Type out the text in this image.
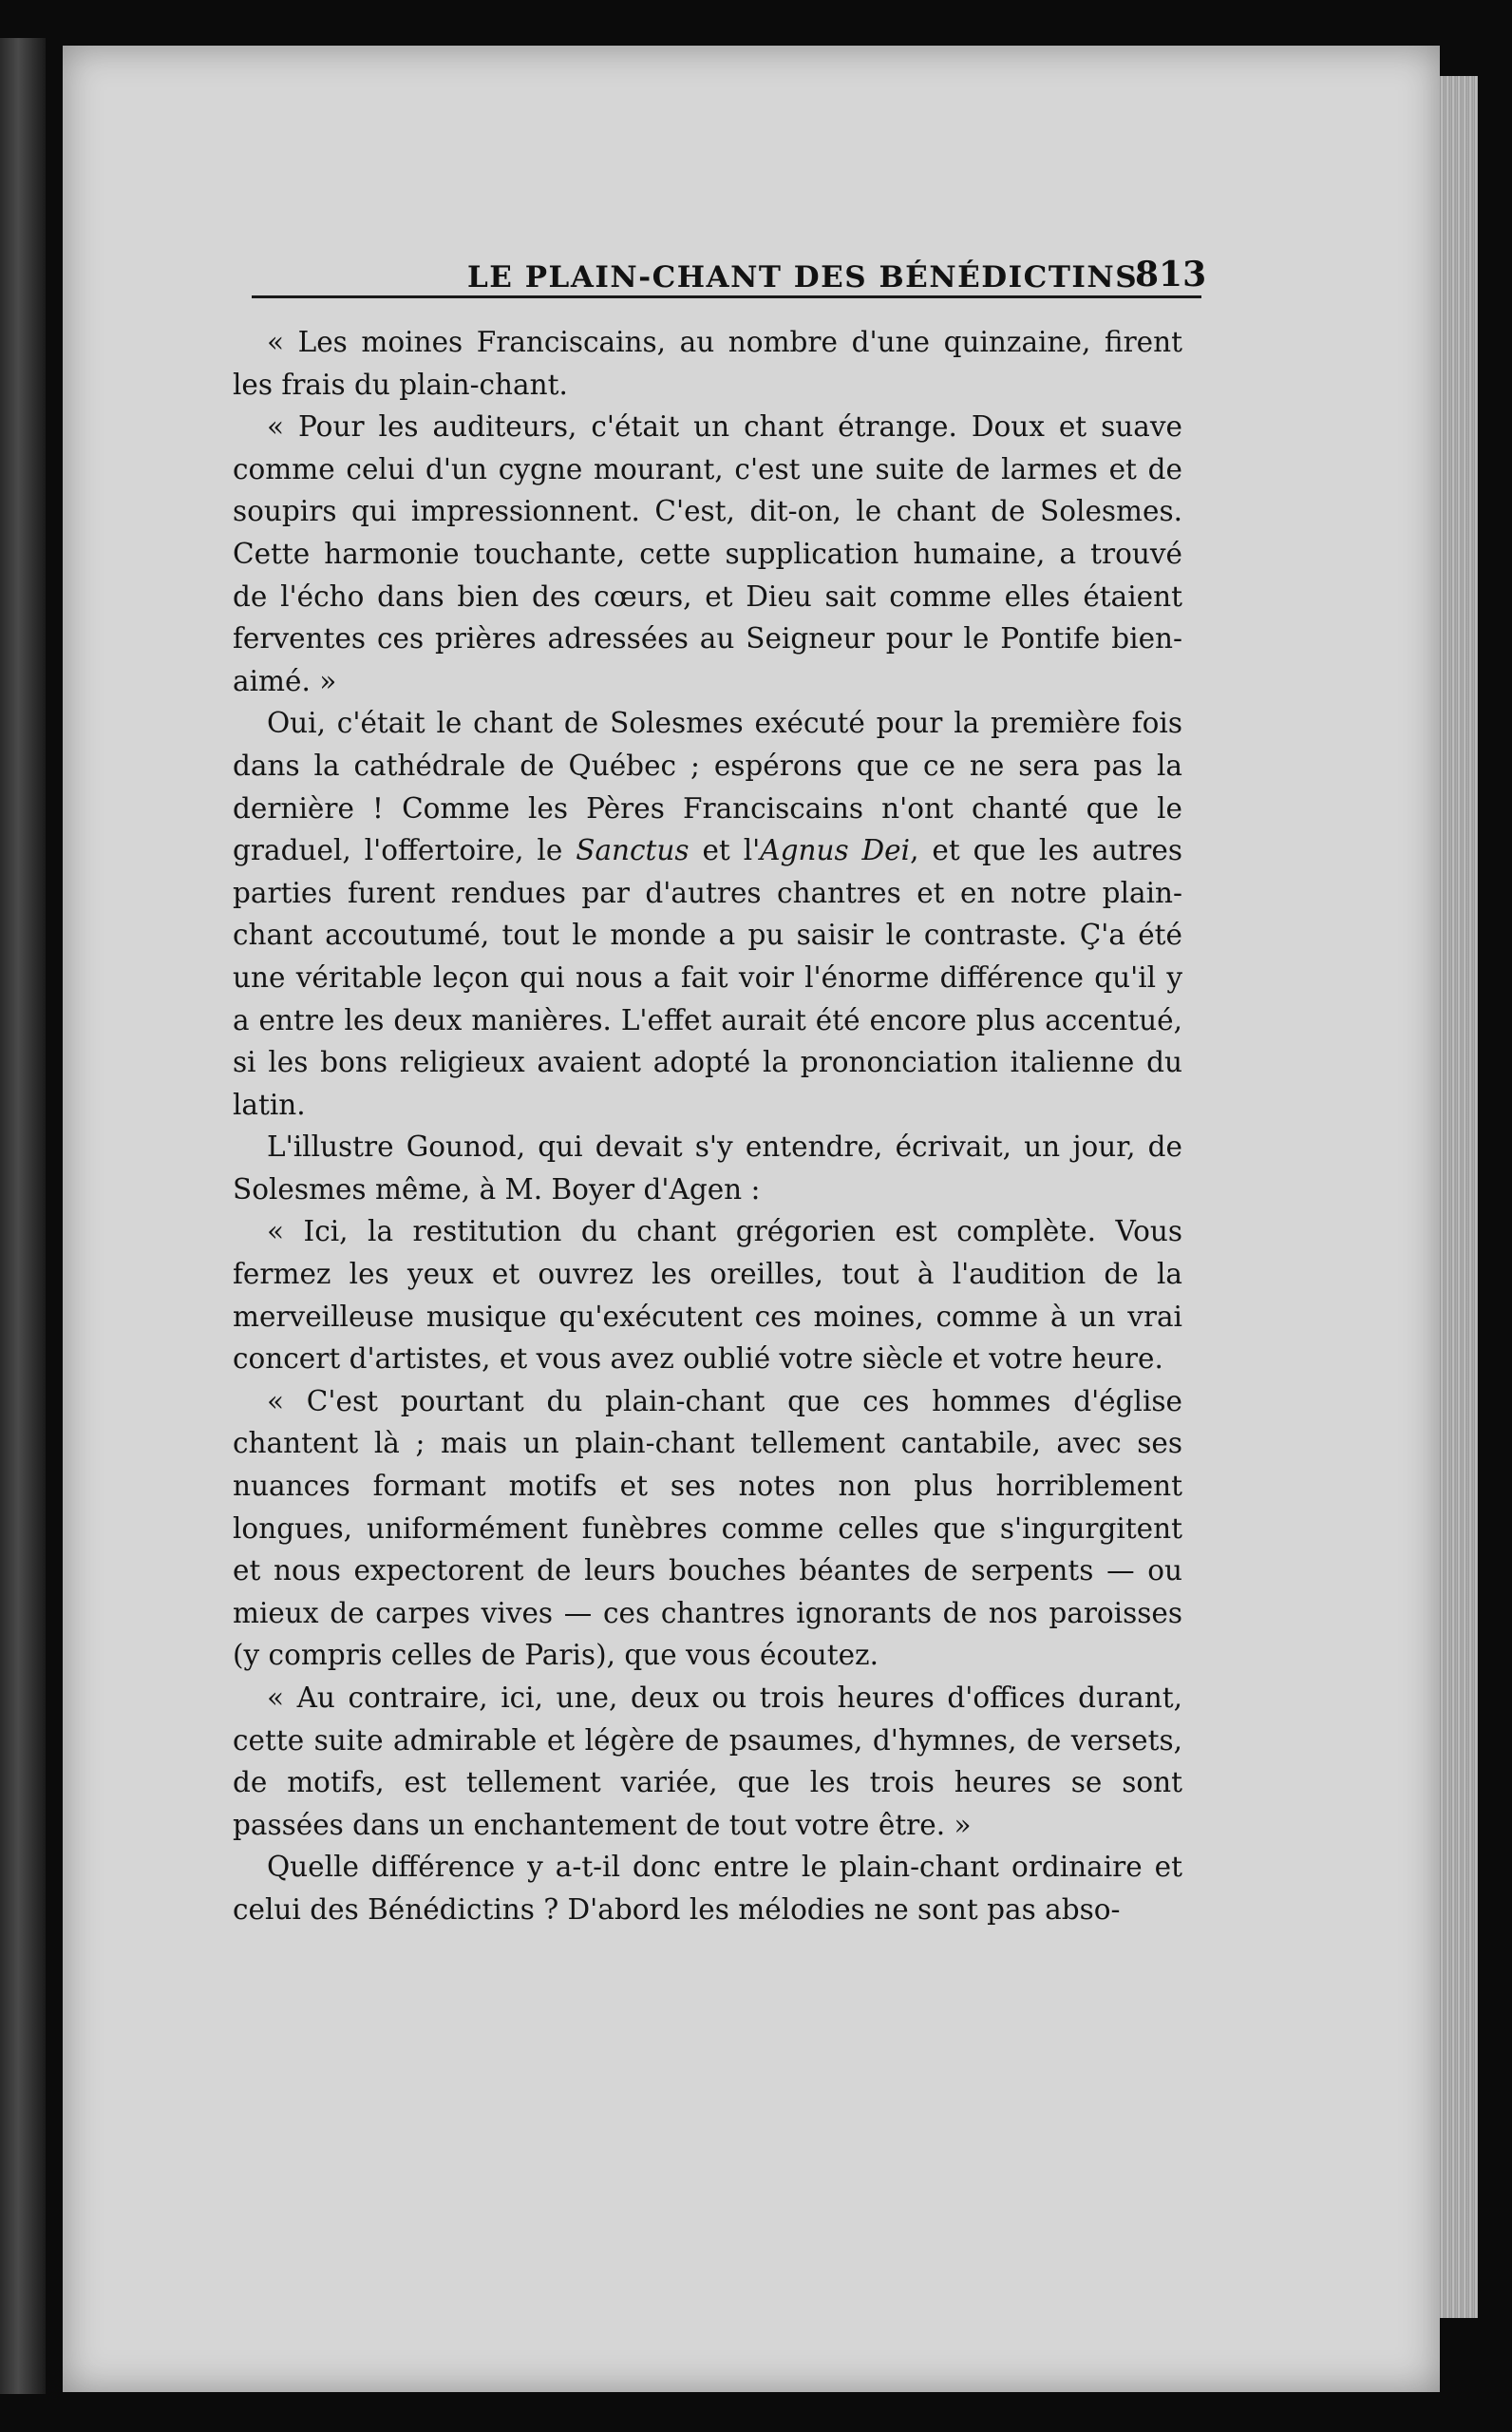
LE PLAIN-CHANT DES BÉNÉDICTINS
813

« Les moines Franciscains, au nombre d'une quinzaine, firent les frais du plain-chant.

« Pour les auditeurs, c'était un chant étrange. Doux et suave comme celui d'un cygne mourant, c'est une suite de larmes et de soupirs qui impressionnent. C'est, dit-on, le chant de Solesmes. Cette harmonie touchante, cette supplication humaine, a trouvé de l'écho dans bien des cœurs, et Dieu sait comme elles étaient ferventes ces prières adressées au Seigneur pour le Pontife bien-aimé. »

Oui, c'était le chant de Solesmes exécuté pour la première fois dans la cathédrale de Québec ; espérons que ce ne sera pas la dernière ! Comme les Pères Franciscains n'ont chanté que le graduel, l'offertoire, le Sanctus et l'Agnus Dei, et que les autres parties furent rendues par d'autres chantres et en notre plain-chant accoutumé, tout le monde a pu saisir le contraste. Ç'a été une véritable leçon qui nous a fait voir l'énorme différence qu'il y a entre les deux manières. L'effet aurait été encore plus accentué, si les bons religieux avaient adopté la prononciation italienne du latin.

L'illustre Gounod, qui devait s'y entendre, écrivait, un jour, de Solesmes même, à M. Boyer d'Agen :

« Ici, la restitution du chant grégorien est complète. Vous fermez les yeux et ouvrez les oreilles, tout à l'audition de la merveilleuse musique qu'exécutent ces moines, comme à un vrai concert d'artistes, et vous avez oublié votre siècle et votre heure.

« C'est pourtant du plain-chant que ces hommes d'église chantent là ; mais un plain-chant tellement cantabile, avec ses nuances formant motifs et ses notes non plus horriblement longues, uniformément funèbres comme celles que s'ingurgitent et nous expectorent de leurs bouches béantes de serpents — ou mieux de carpes vives — ces chantres ignorants de nos paroisses (y compris celles de Paris), que vous écoutez.

« Au contraire, ici, une, deux ou trois heures d'offices durant, cette suite admirable et légère de psaumes, d'hymnes, de versets, de motifs, est tellement variée, que les trois heures se sont passées dans un enchantement de tout votre être. »

Quelle différence y a-t-il donc entre le plain-chant ordinaire et celui des Bénédictins ? D'abord les mélodies ne sont pas abso-
